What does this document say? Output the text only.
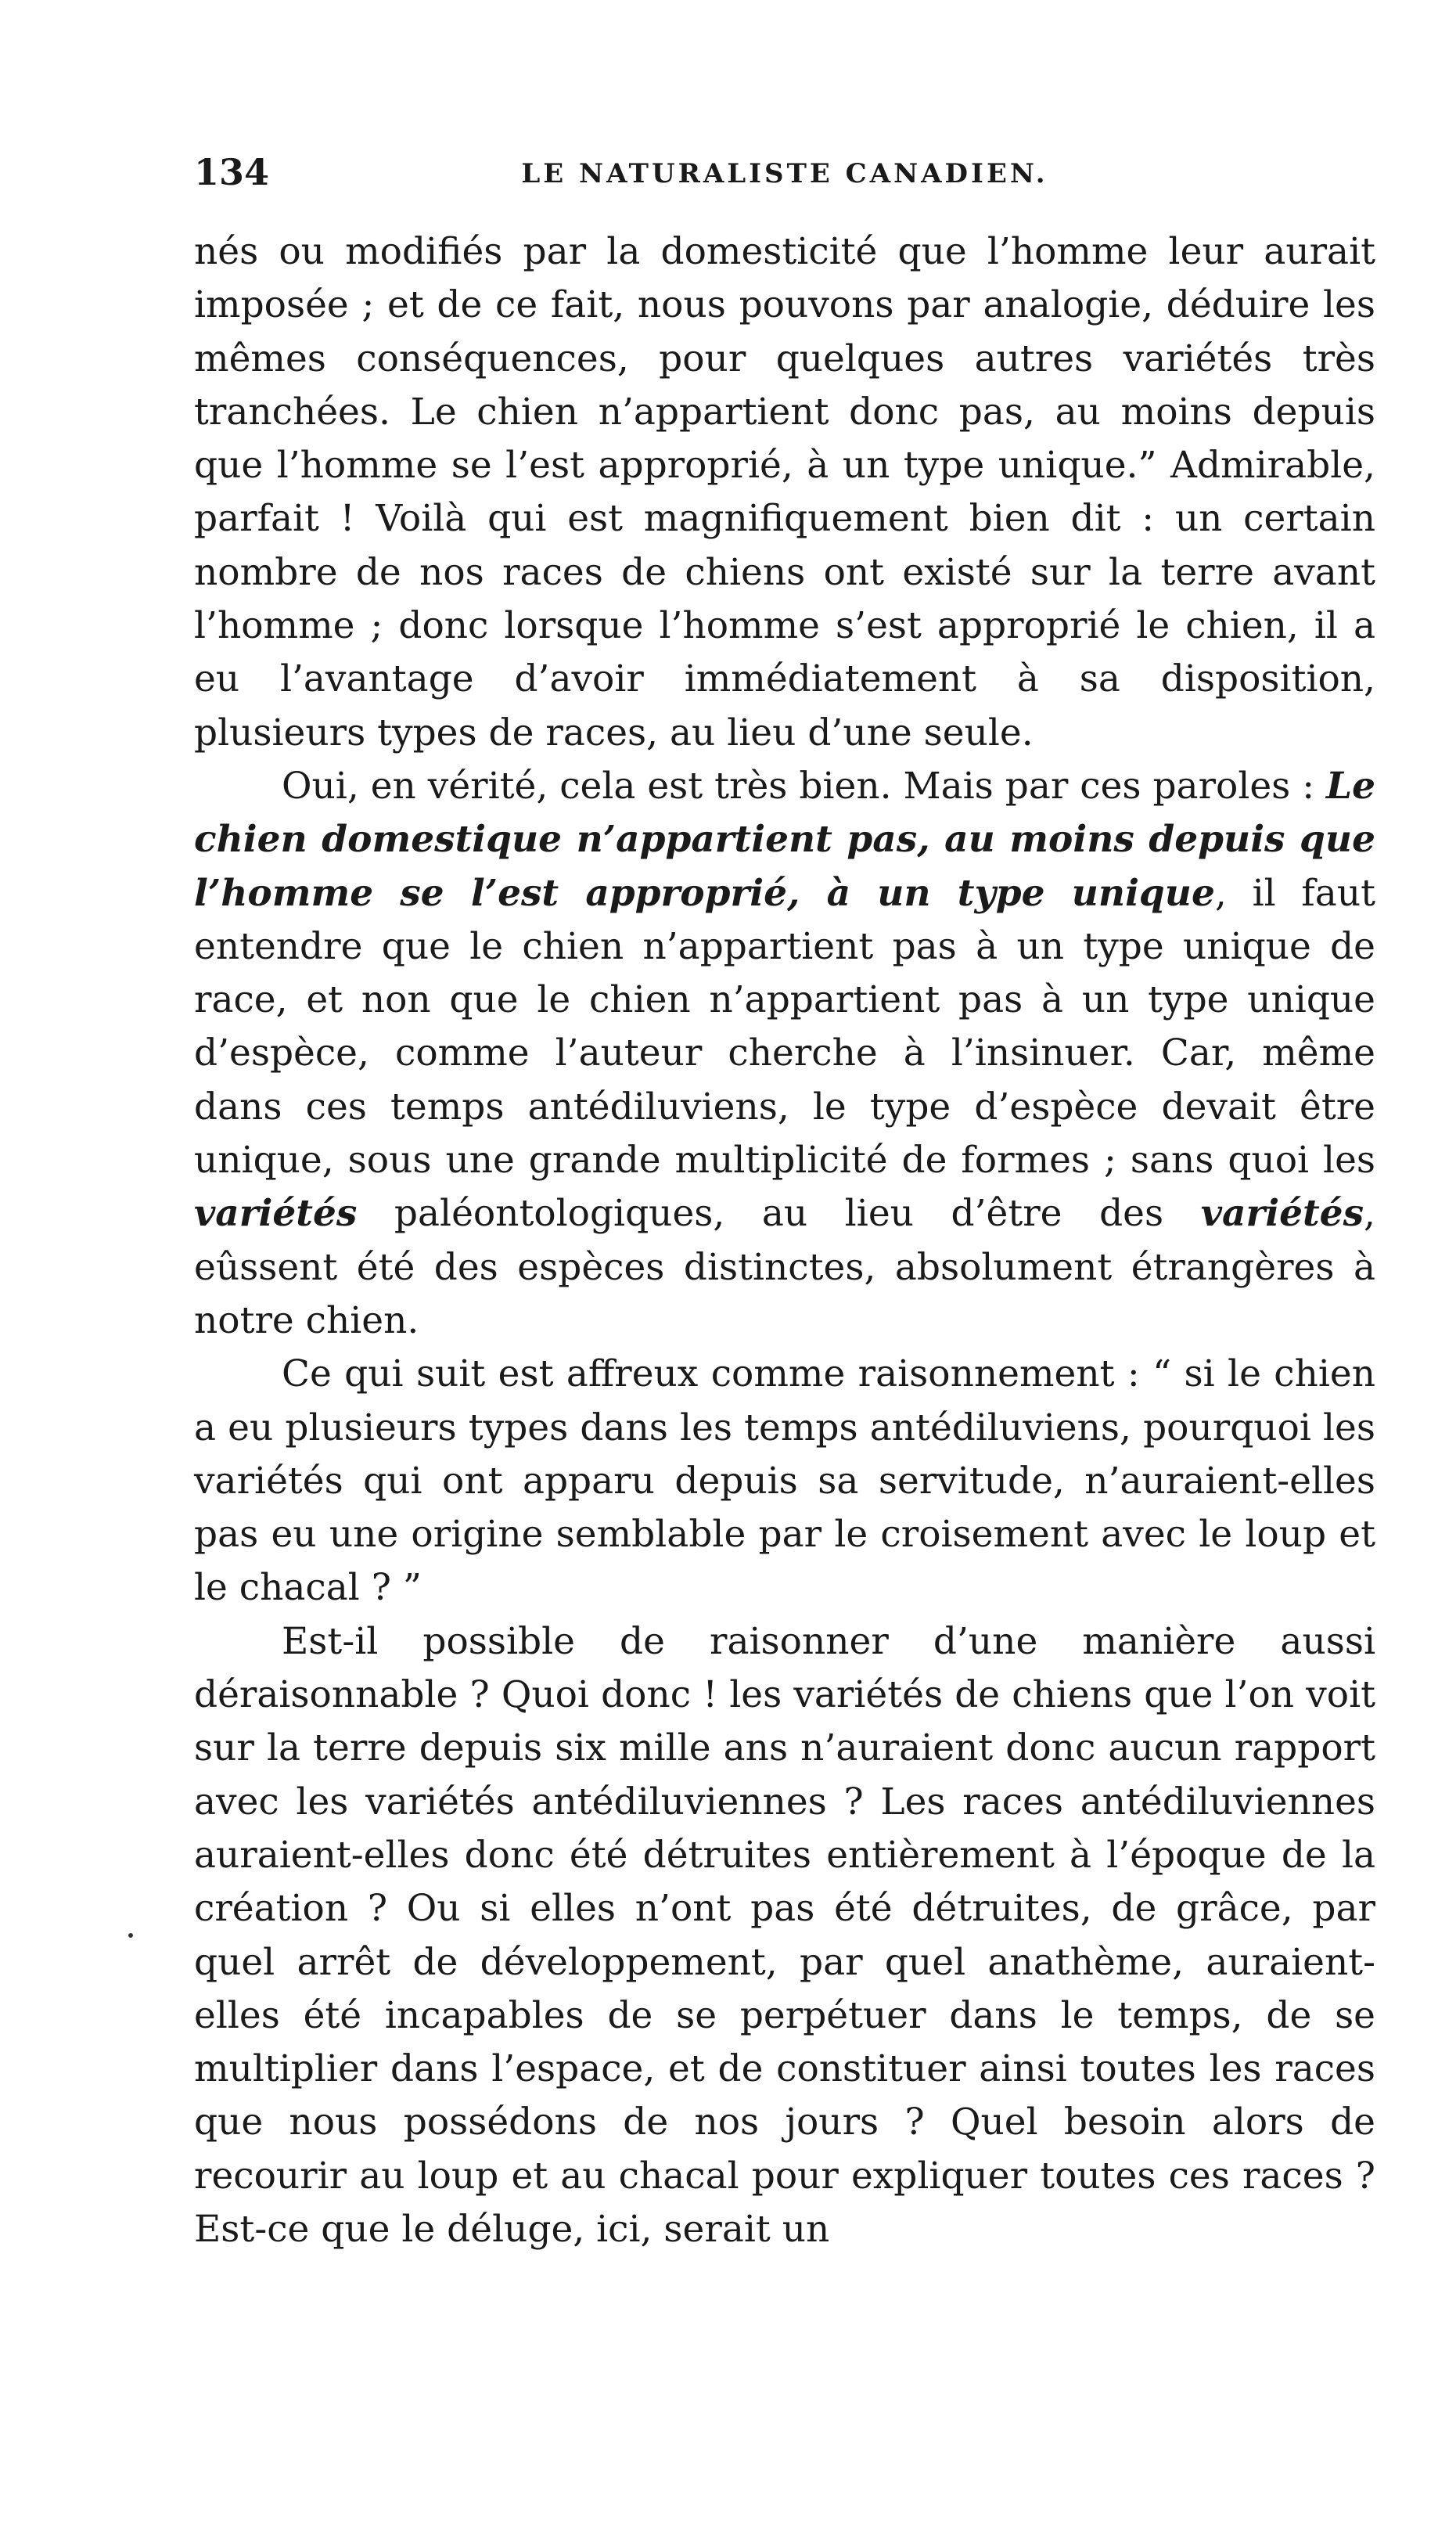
134	LE NATURALISTE CANADIEN.

nés ou modifiés par la domesticité que l’homme leur aurait imposée ; et de ce fait, nous pouvons par analogie, déduire les mêmes conséquences, pour quelques autres variétés très tranchées. Le chien n’appartient donc pas, au moins depuis que l’homme se l’est approprié, à un type unique.” Admirable, parfait ! Voilà qui est magnifiquement bien dit : un certain nombre de nos races de chiens ont existé sur la terre avant l’homme ; donc lorsque l’homme s’est approprié le chien, il a eu l’avantage d’avoir immédiatement à sa disposition, plusieurs types de races, au lieu d’une seule.

Oui, en vérité, cela est très bien. Mais par ces paroles : Le chien domestique n’appartient pas, au moins depuis que l’homme se l’est approprié, à un type unique, il faut entendre que le chien n’appartient pas à un type unique de race, et non que le chien n’appartient pas à un type unique d’espèce, comme l’auteur cherche à l’insinuer. Car, même dans ces temps antédiluviens, le type d’espèce devait être unique, sous une grande multiplicité de formes ; sans quoi les variétés paléontologiques, au lieu d’être des variétés, eûssent été des espèces distinctes, absolument étrangères à notre chien.

Ce qui suit est affreux comme raisonnement : “ si le chien a eu plusieurs types dans les temps antédiluviens, pourquoi les variétés qui ont apparu depuis sa servitude, n’auraient-elles pas eu une origine semblable par le croisement avec le loup et le chacal ? ”

Est-il possible de raisonner d’une manière aussi déraisonnable ? Quoi donc ! les variétés de chiens que l’on voit sur la terre depuis six mille ans n’auraient donc aucun rapport avec les variétés antédiluviennes ? Les races antédiluviennes auraient-elles donc été détruites entièrement à l’époque de la création ? Ou si elles n’ont pas été détruites, de grâce, par quel arrêt de développement, par quel anathème, auraient-elles été incapables de se perpétuer dans le temps, de se multiplier dans l’espace, et de constituer ainsi toutes les races que nous possédons de nos jours ? Quel besoin alors de recourir au loup et au chacal pour expliquer toutes ces races ? Est-ce que le déluge, ici, serait un
